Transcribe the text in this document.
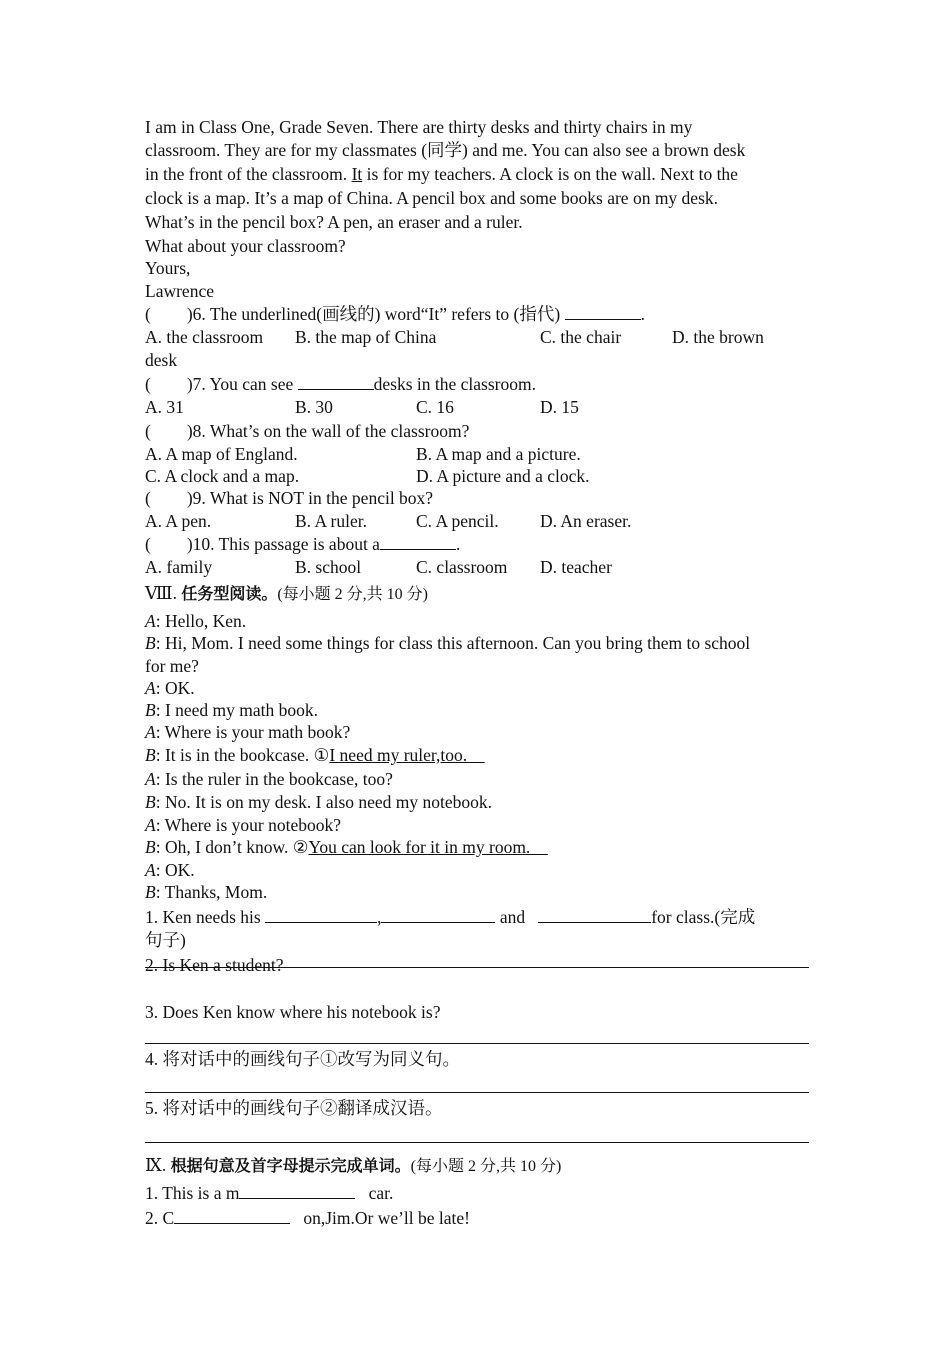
I am in Class One, Grade Seven. There are thirty desks and thirty chairs in my
classroom. They are for my classmates (同学) and me. You can also see a brown desk
in the front of the classroom. It is for my teachers. A clock is on the wall. Next to the
clock is a map. It’s a map of China. A pencil box and some books are on my desk.
What’s in the pencil box? A pen, an eraser and a ruler.
What about your classroom?
Yours,
Lawrence
( )6. The underlined(画线的) word“It” refers to (指代)	.
A. the classroom B. the map of China	C. the chair	D. the brown
desk
( )7. You can see	desks in the classroom.
A. 31	B. 30	C. 16	D. 15
( )8. What’s on the wall of the classroom?
A. A map of England.	B. A map and a picture.
C. A clock and a map.	D. A picture and a clock.
( )9. What is NOT in the pencil box?
A. A pen.	B. A ruler.	C. A pencil. D. An eraser.
( )10. This passage is about a	.
A. family	B. school	C. classroom D. teacher
Ⅷ. 任务型阅读。(每小题 2 分,共 10 分)
A: Hello, Ken.
B: Hi, Mom. I need some things for class this afternoon. Can you bring them to school
for me?
A: OK.
B: I need my math book.
A: Where is your math book?
B: It is in the bookcase. ①I need my ruler,too.
A: Is the ruler in the bookcase, too?
B: No. It is on my desk. I also need my notebook.
A: Where is your notebook?
B: Oh, I don’t know. ②You can look for it in my room.
A: OK.
B: Thanks, Mom.
1. Ken needs his	,	and	for class.(完成
句子)
2. Is Ken a student?
3. Does Ken know where his notebook is?
4. 将对话中的画线句子①改写为同义句。
5. 将对话中的画线句子②翻译成汉语。
Ⅸ. 根据句意及首字母提示完成单词。(每小题 2 分,共 10 分)
1. This is a m	car.
2. C	on,Jim.Or we’ll be late!
